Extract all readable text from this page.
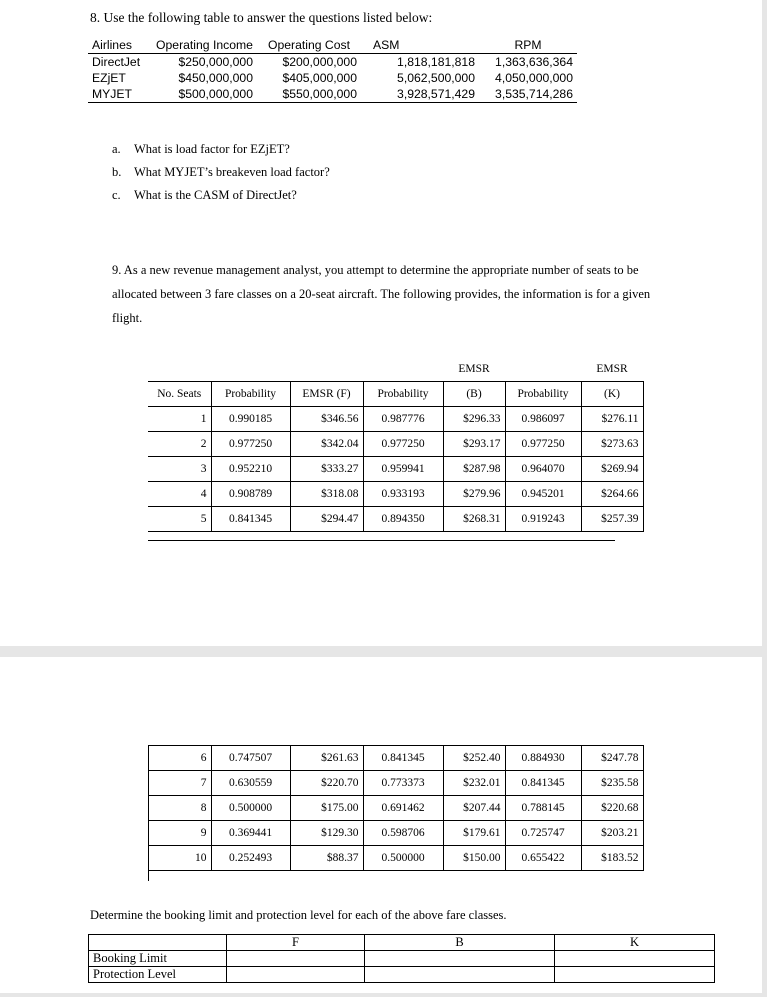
8. Use the following table to answer the questions listed below:
Airlines	Operating Income	Operating Cost	ASM	RPM
DirectJet	$250,000,000	$200,000,000	1,818,181,818	1,363,636,364
EZjET	$450,000,000	$405,000,000	5,062,500,000	4,050,000,000
MYJET	$500,000,000	$550,000,000	3,928,571,429	3,535,714,286
a. What is load factor for EZjET?
b. What MYJET’s breakeven load factor?
c. What is the CASM of DirectJet?
9. As a new revenue management analyst, you attempt to determine the appropriate number of seats to be allocated between 3 fare classes on a 20-seat aircraft. The following provides, the information is for a given flight.
				EMSR		EMSR
No. Seats	Probability	EMSR (F)	Probability	(B)	Probability	(K)
1	0.990185	$346.56	0.987776	$296.33	0.986097	$276.11
2	0.977250	$342.04	0.977250	$293.17	0.977250	$273.63
3	0.952210	$333.27	0.959941	$287.98	0.964070	$269.94
4	0.908789	$318.08	0.933193	$279.96	0.945201	$264.66
5	0.841345	$294.47	0.894350	$268.31	0.919243	$257.39
6	0.747507	$261.63	0.841345	$252.40	0.884930	$247.78
7	0.630559	$220.70	0.773373	$232.01	0.841345	$235.58
8	0.500000	$175.00	0.691462	$207.44	0.788145	$220.68
9	0.369441	$129.30	0.598706	$179.61	0.725747	$203.21
10	0.252493	$88.37	0.500000	$150.00	0.655422	$183.52
Determine the booking limit and protection level for each of the above fare classes.
	F	B	K
Booking Limit			
Protection Level			
